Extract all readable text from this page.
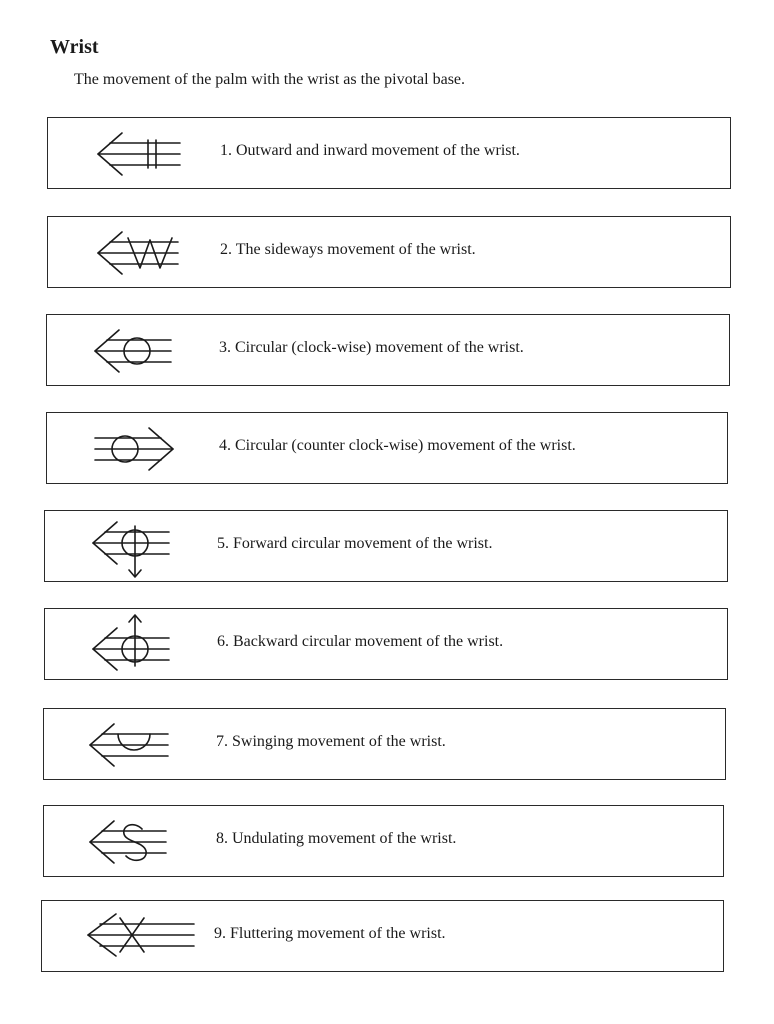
Wrist

The movement of the palm with the wrist as the pivotal base.

1. Outward and inward movement of the wrist.
2. The sideways movement of the wrist.
3. Circular (clock-wise) movement of the wrist.
4. Circular (counter clock-wise) movement of the wrist.
5. Forward circular movement of the wrist.
6. Backward circular movement of the wrist.
7. Swinging movement of the wrist.
8. Undulating movement of the wrist.
9. Fluttering movement of the wrist.
